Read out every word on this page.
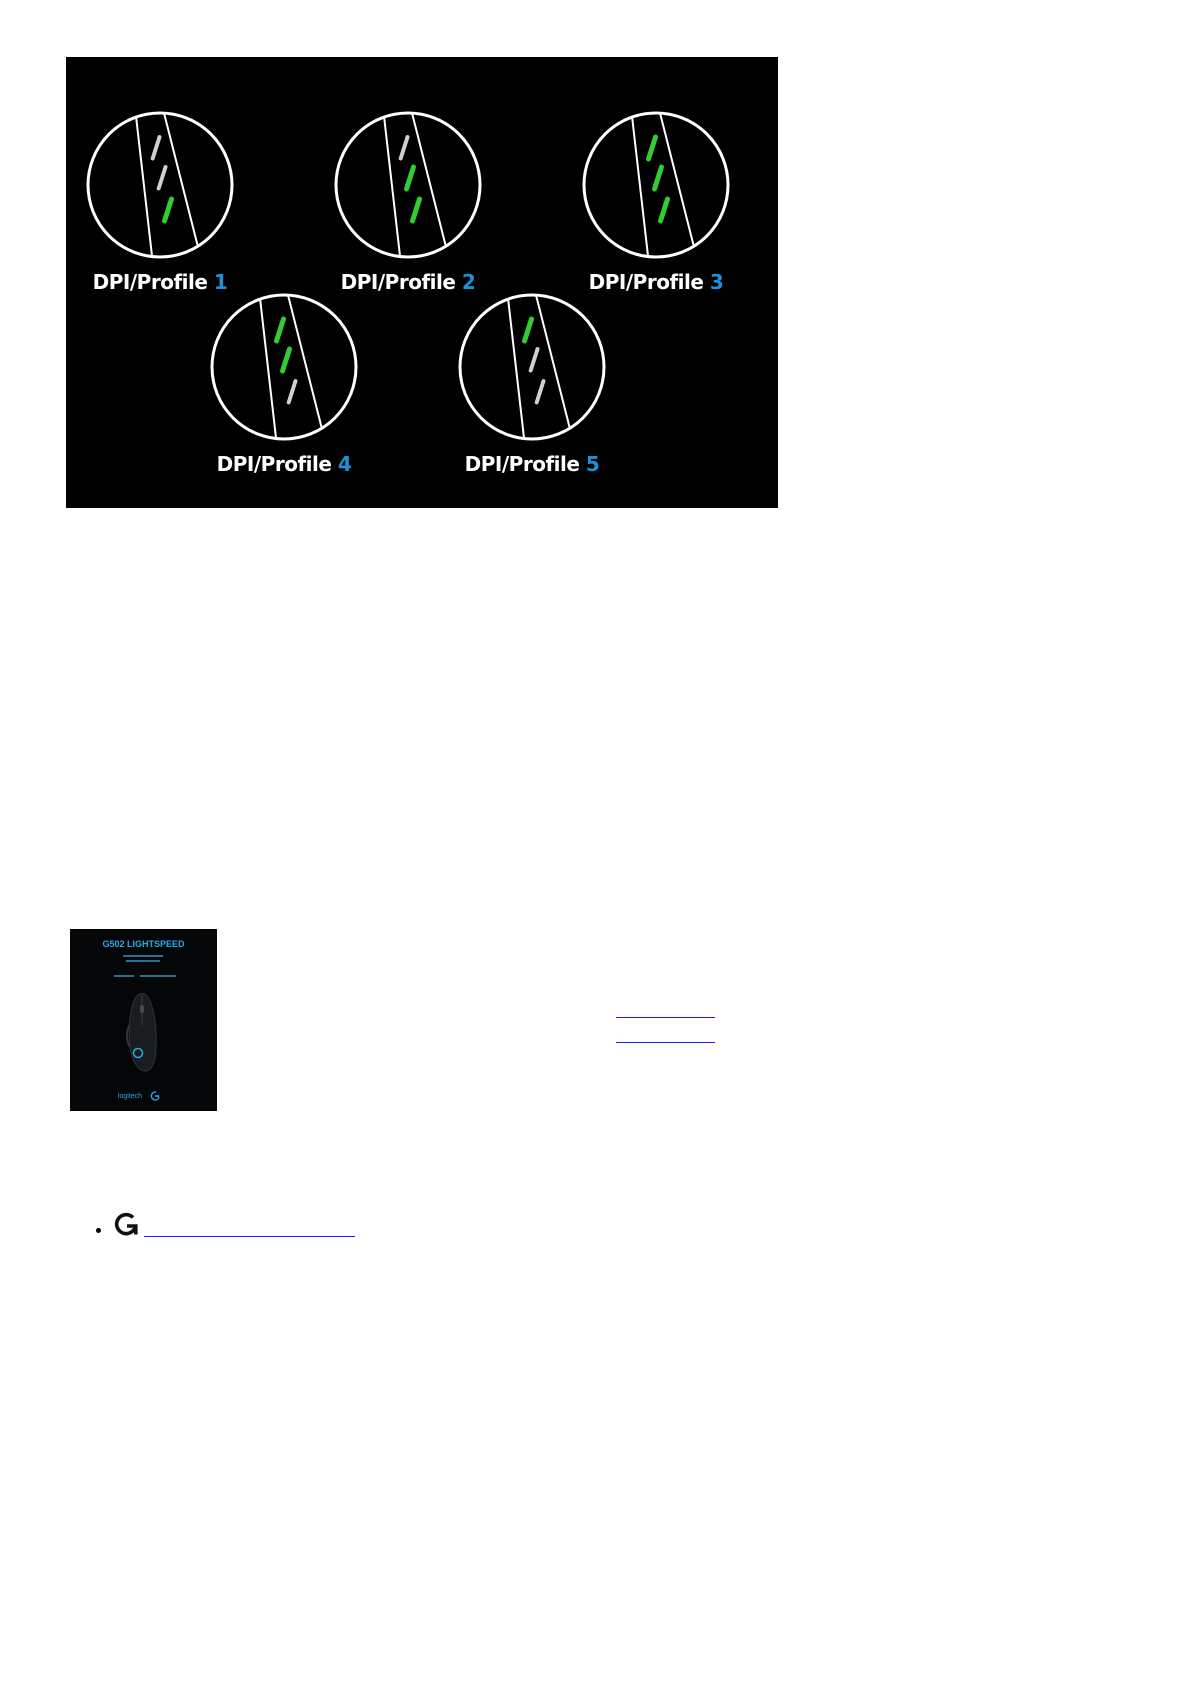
DPI/Profile 1	DPI/Profile 2	DPI/Profile 3
DPI/Profile 4	DPI/Profile 5
G502 LIGHTSPEED
logitech
